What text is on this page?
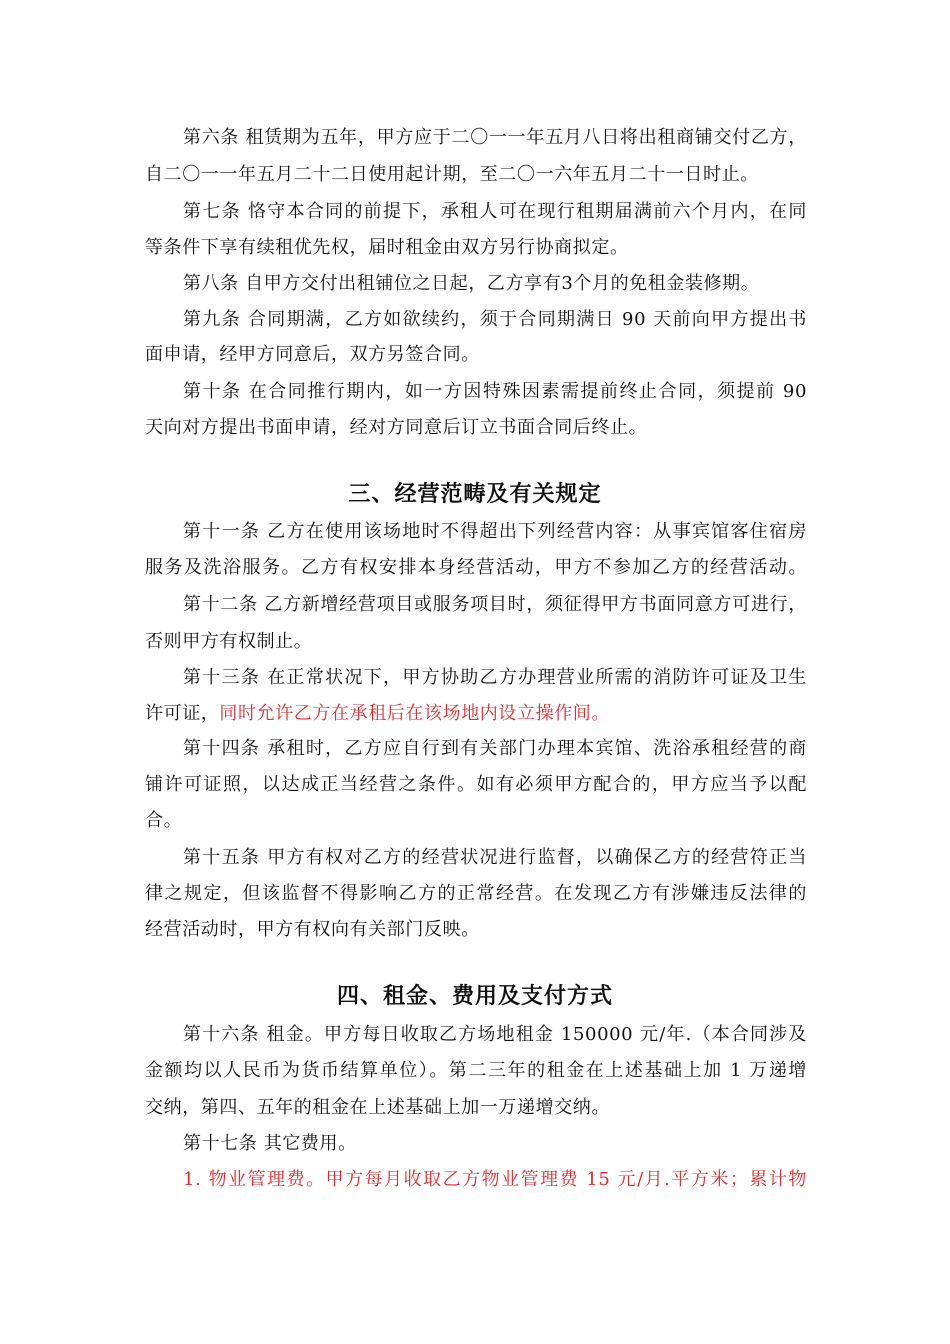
第六条 租赁期为五年，甲方应于二〇一一年五月八日将出租商铺交付乙方，
自二〇一一年五月二十二日使用起计期，至二〇一六年五月二十一日时止。
第七条 恪守本合同的前提下，承租人可在现行租期届满前六个月内，在同
等条件下享有续租优先权，届时租金由双方另行协商拟定。
第八条 自甲方交付出租铺位之日起，乙方享有3个月的免租金装修期。
第九条 合同期满，乙方如欲续约，须于合同期满日 90 天前向甲方提出书
面申请，经甲方同意后，双方另签合同。
第十条 在合同推行期内，如一方因特殊因素需提前终止合同，须提前 90
天向对方提出书面申请，经对方同意后订立书面合同后终止。
三、经营范畴及有关规定
第十一条 乙方在使用该场地时不得超出下列经营内容：从事宾馆客住宿房
服务及洗浴服务。乙方有权安排本身经营活动，甲方不参加乙方的经营活动。
第十二条 乙方新增经营项目或服务项目时，须征得甲方书面同意方可进行，
否则甲方有权制止。
第十三条 在正常状况下，甲方协助乙方办理营业所需的消防许可证及卫生
许可证，同时允许乙方在承租后在该场地内设立操作间。
第十四条 承租时，乙方应自行到有关部门办理本宾馆、洗浴承租经营的商
铺许可证照，以达成正当经营之条件。如有必须甲方配合的，甲方应当予以配
合。
第十五条 甲方有权对乙方的经营状况进行监督，以确保乙方的经营符正当
律之规定，但该监督不得影响乙方的正常经营。在发现乙方有涉嫌违反法律的
经营活动时，甲方有权向有关部门反映。
四、租金、费用及支付方式
第十六条 租金。甲方每日收取乙方场地租金 150000 元/年.（本合同涉及
金额均以人民币为货币结算单位）。第二三年的租金在上述基础上加 1 万递增
交纳，第四、五年的租金在上述基础上加一万递增交纳。
第十七条 其它费用。
1. 物业管理费。甲方每月收取乙方物业管理费 15 元/月.平方米；累计物
